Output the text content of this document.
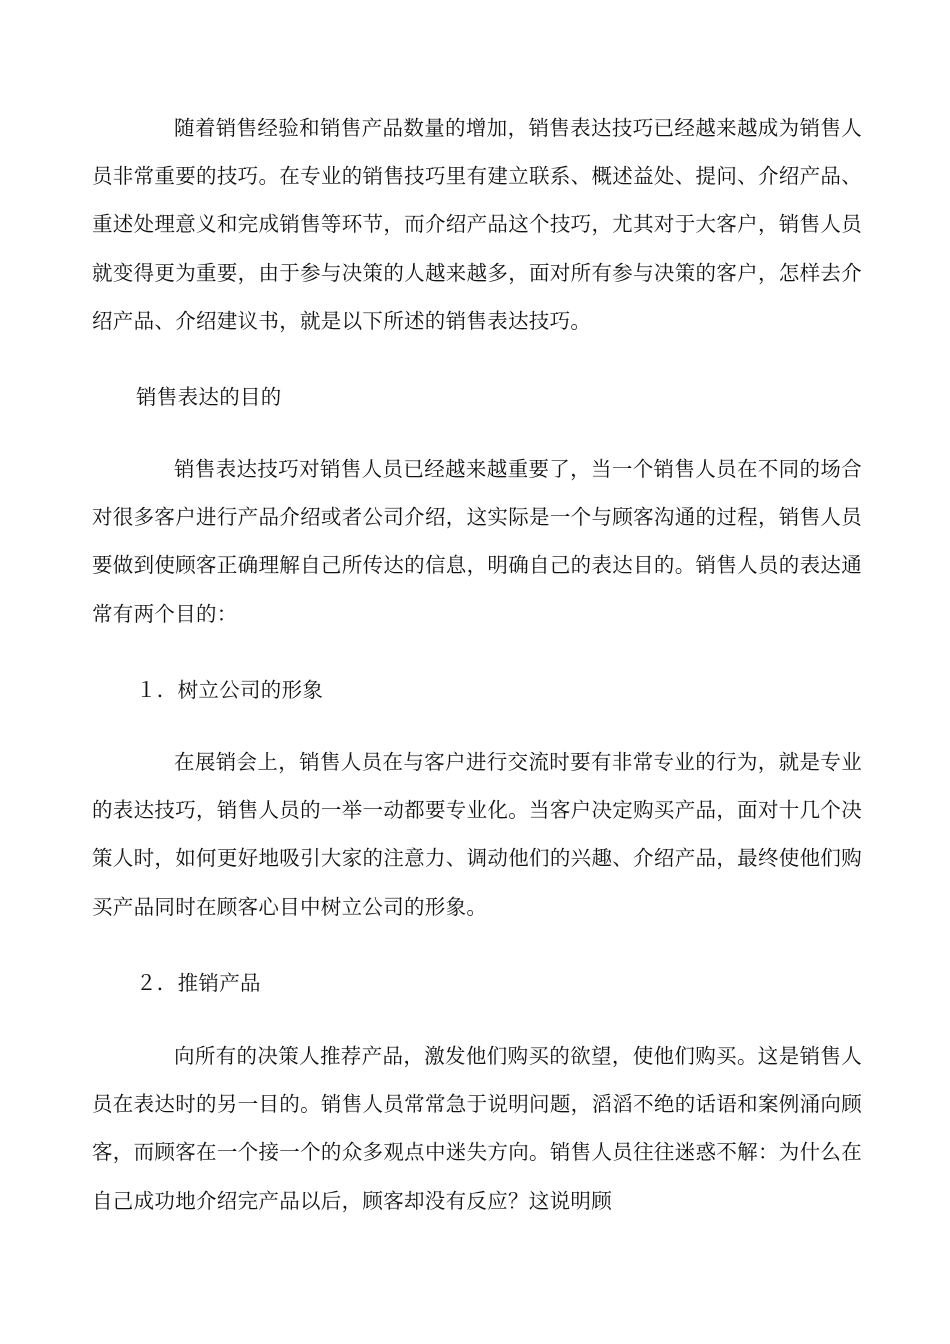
随着销售经验和销售产品数量的增加，销售表达技巧已经越来越成为销售人员非常重要的技巧。在专业的销售技巧里有建立联系、概述益处、提问、介绍产品、重述处理意义和完成销售等环节，而介绍产品这个技巧，尤其对于大客户，销售人员就变得更为重要，由于参与决策的人越来越多，面对所有参与决策的客户，怎样去介绍产品、介绍建议书，就是以下所述的销售表达技巧。

销售表达的目的

销售表达技巧对销售人员已经越来越重要了，当一个销售人员在不同的场合对很多客户进行产品介绍或者公司介绍，这实际是一个与顾客沟通的过程，销售人员要做到使顾客正确理解自己所传达的信息，明确自己的表达目的。销售人员的表达通常有两个目的：

１．树立公司的形象

在展销会上，销售人员在与客户进行交流时要有非常专业的行为，就是专业的表达技巧，销售人员的一举一动都要专业化。当客户决定购买产品，面对十几个决策人时，如何更好地吸引大家的注意力、调动他们的兴趣、介绍产品，最终使他们购买产品同时在顾客心目中树立公司的形象。

２．推销产品

向所有的决策人推荐产品，激发他们购买的欲望，使他们购买。这是销售人员在表达时的另一目的。销售人员常常急于说明问题，滔滔不绝的话语和案例涌向顾客，而顾客在一个接一个的众多观点中迷失方向。销售人员往往迷惑不解：为什么在自己成功地介绍完产品以后，顾客却没有反应？这说明顾
